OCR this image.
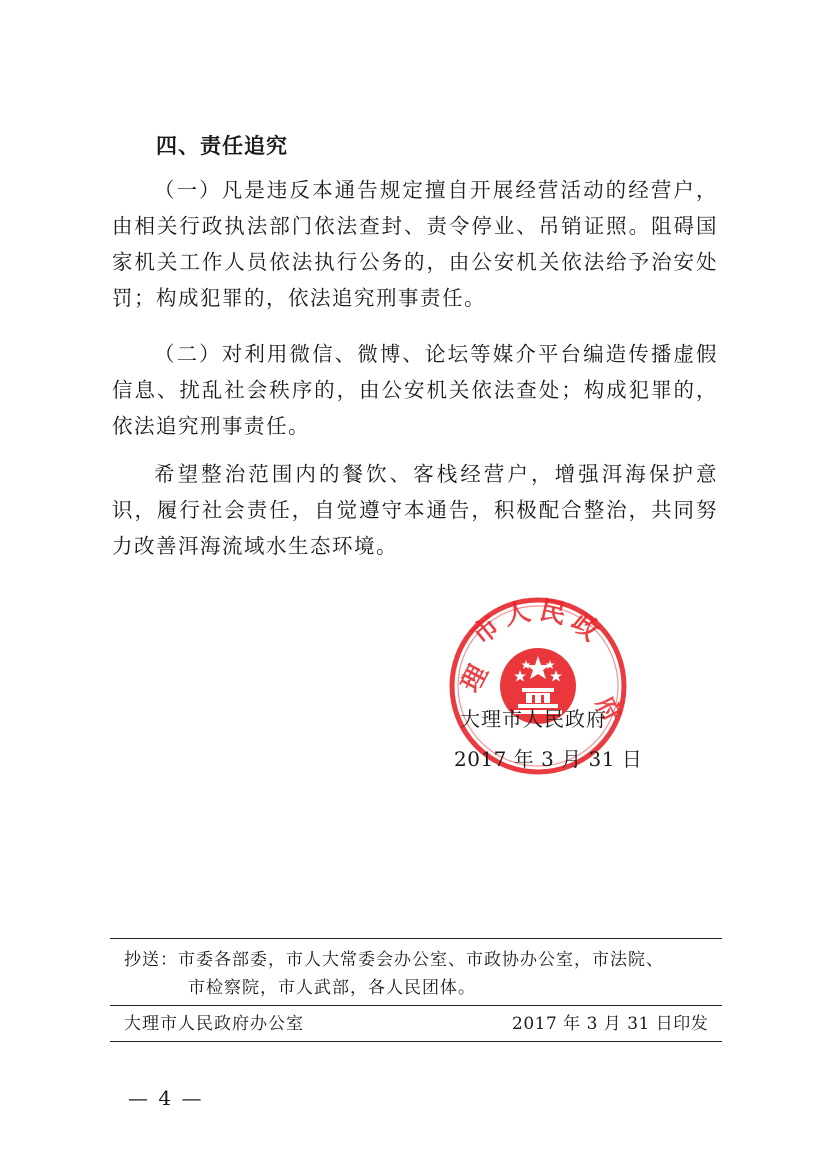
四、责任追究

（一）凡是违反本通告规定擅自开展经营活动的经营户，由相关行政执法部门依法查封、责令停业、吊销证照。阻碍国家机关工作人员依法执行公务的，由公安机关依法给予治安处罚；构成犯罪的，依法追究刑事责任。

（二）对利用微信、微博、论坛等媒介平台编造传播虚假信息、扰乱社会秩序的，由公安机关依法查处；构成犯罪的，依法追究刑事责任。

希望整治范围内的餐饮、客栈经营户，增强洱海保护意识，履行社会责任，自觉遵守本通告，积极配合整治，共同努力改善洱海流域水生态环境。

市人民政
理
府
大理市人民政府
2017 年 3 月 31 日
抄送：市委各部委，市人大常委会办公室、市政协办公室，市法院、
市检察院，市人武部，各人民团体。
大理市人民政府办公室	2017 年 3 月 31 日印发
— 4 —
